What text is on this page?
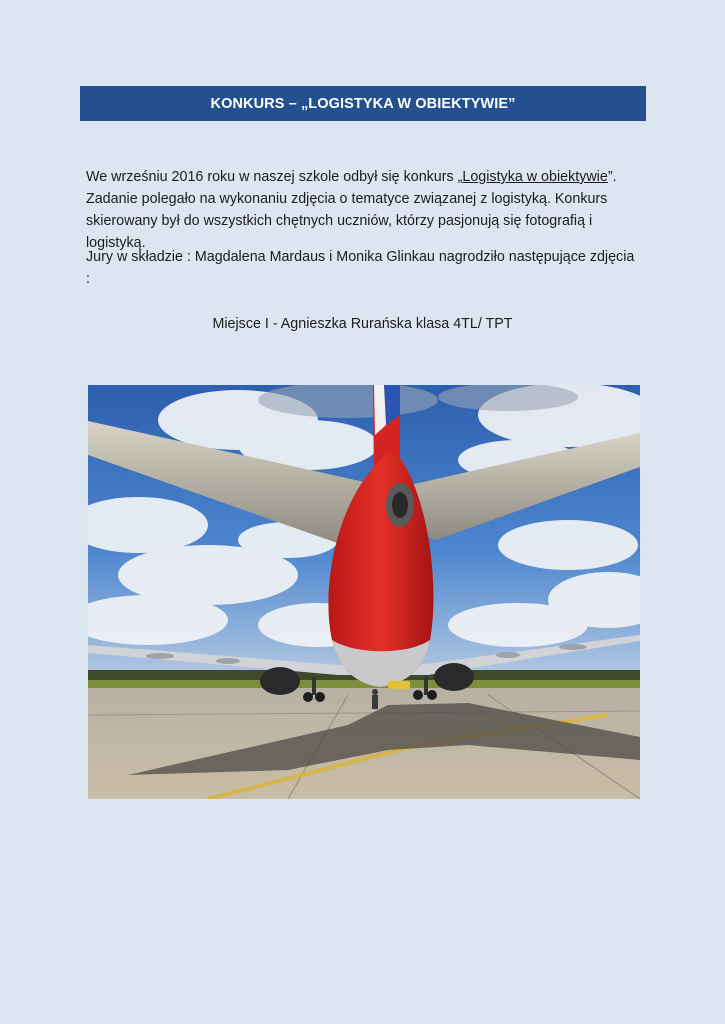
KONKURS – „LOGISTYKA W OBIEKTYWIE”

We wrześniu 2016 roku w naszej szkole odbył się konkurs „Logistyka w obiektywie”. Zadanie polegało na wykonaniu zdjęcia o tematyce związanej z logistyką. Konkurs skierowany był do wszystkich chętnych uczniów, którzy pasjonują się fotografią i logistyką.

Jury w składzie : Magdalena Mardaus i Monika Glinkau nagrodziło następujące zdjęcia :

Miejsce I - Agnieszka Rurańska klasa 4TL/ TPT
